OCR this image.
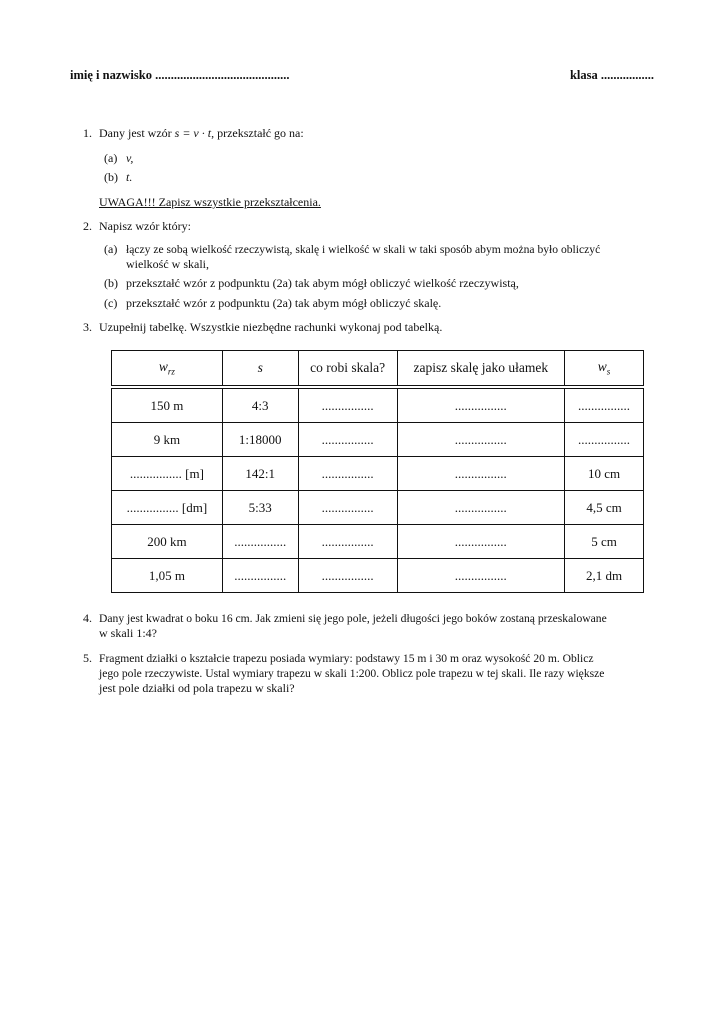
imię i nazwisko ...........................................	klasa .................
1. Dany jest wzór s = v · t, przekształć go na:
(a) v,
(b) t.
UWAGA!!! Zapisz wszystkie przekształcenia.
2. Napisz wzór który:
(a) łączy ze sobą wielkość rzeczywistą, skalę i wielkość w skali w taki sposób abym można było obliczyć
wielkość w skali,
(b) przekształć wzór z podpunktu (2a) tak abym mógł obliczyć wielkość rzeczywistą,
(c) przekształć wzór z podpunktu (2a) tak abym mógł obliczyć skalę.
3. Uzupełnij tabelkę. Wszystkie niezbędne rachunki wykonaj pod tabelką.
$w_{rz}$	s	co robi skala?	zapisz skalę jako ułamek	$w_s$

150 m	4:3	................	................	................
9 km	1:18000	................	................	................
................ [m]	142:1	................	................	10 cm
................ [dm]	5:33	................	................	4,5 cm
200 km	................	................	................	5 cm
1,05 m	................	................	................	2,1 dm
4. Dany jest kwadrat o boku 16 cm. Jak zmieni się jego pole, jeżeli długości jego boków zostaną przeskalowane
w skali 1:4?
5. Fragment działki o kształcie trapezu posiada wymiary: podstawy 15 m i 30 m oraz wysokość 20 m. Oblicz
jego pole rzeczywiste. Ustal wymiary trapezu w skali 1:200. Oblicz pole trapezu w tej skali. Ile razy większe
jest pole działki od pola trapezu w skali?
